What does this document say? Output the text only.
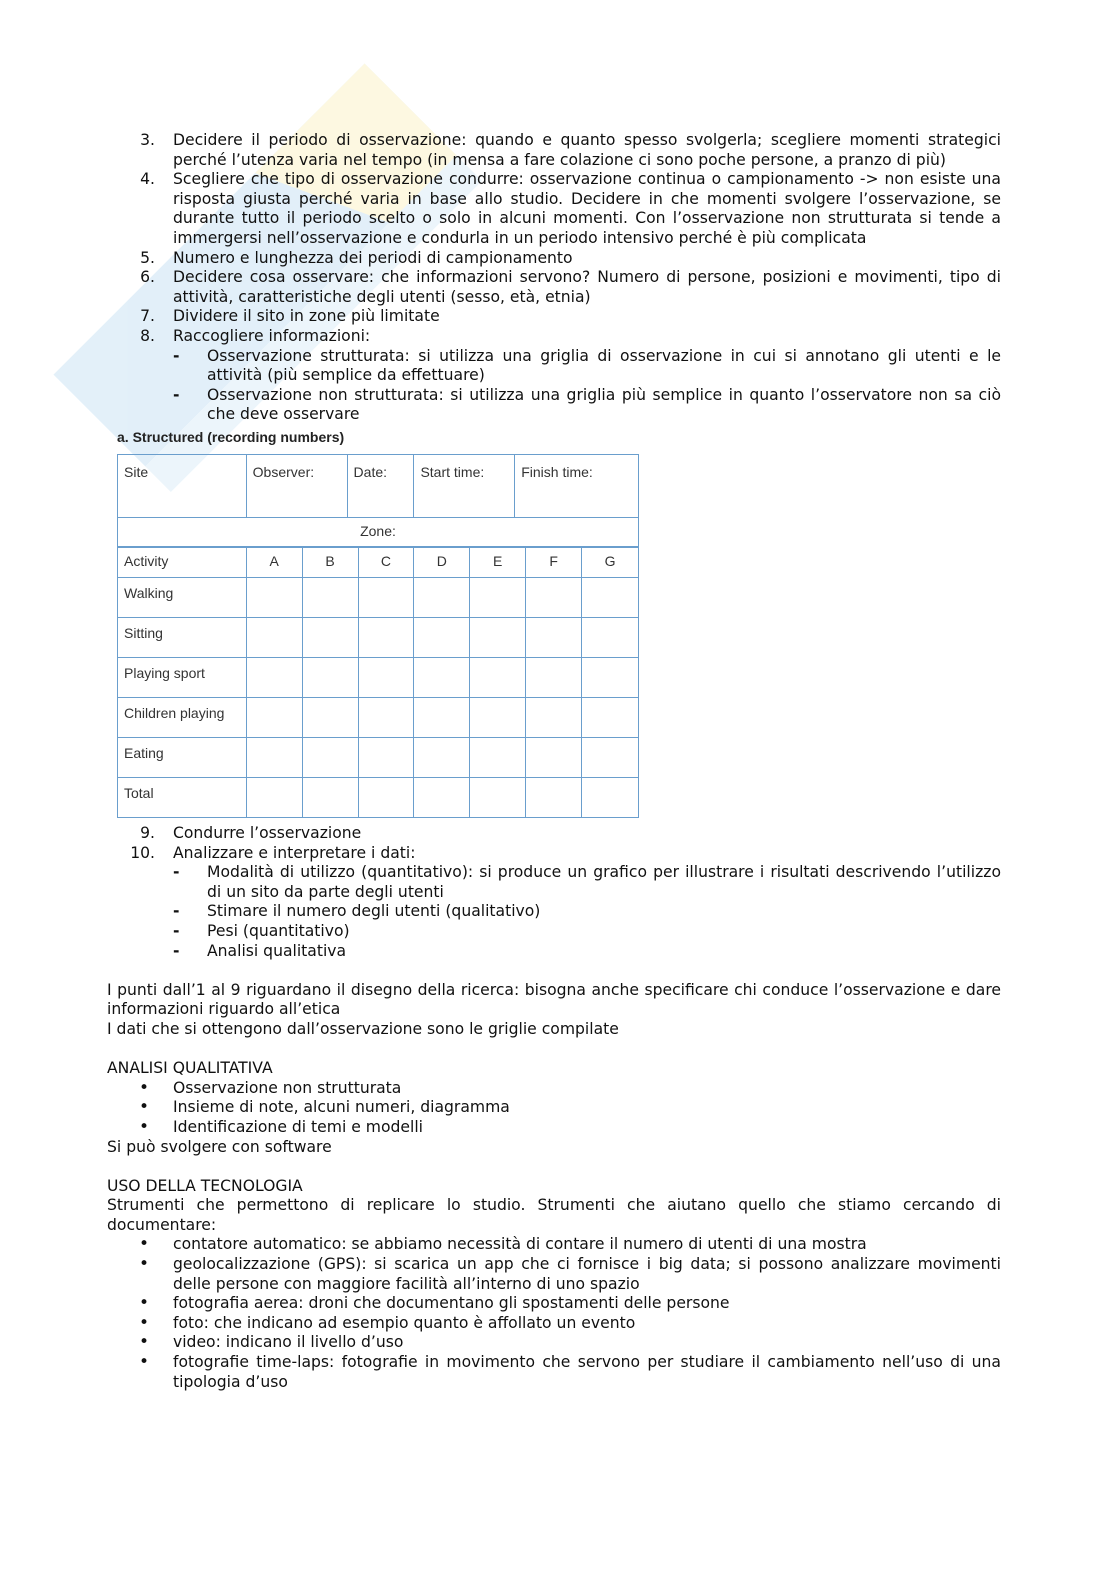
3. Decidere il periodo di osservazione: quando e quanto spesso svolgerla; scegliere momenti strategici perché l’utenza varia nel tempo (in mensa a fare colazione ci sono poche persone, a pranzo di più)

4. Scegliere che tipo di osservazione condurre: osservazione continua o campionamento -> non esiste una risposta giusta perché varia in base allo studio. Decidere in che momenti svolgere l’osservazione, se durante tutto il periodo scelto o solo in alcuni momenti. Con l’osservazione non strutturata si tende a immergersi nell’osservazione e condurla in un periodo intensivo perché è più complicata

5. Numero e lunghezza dei periodi di campionamento

6. Decidere cosa osservare: che informazioni servono? Numero di persone, posizioni e movimenti, tipo di attività, caratteristiche degli utenti (sesso, età, etnia)

7. Dividere il sito in zone più limitate

8. Raccogliere informazioni:

- Osservazione strutturata: si utilizza una griglia di osservazione in cui si annotano gli utenti e le attività (più semplice da effettuare)

- Osservazione non strutturata: si utilizza una griglia più semplice in quanto l’osservatore non sa ciò che deve osservare

a. Structured (recording numbers)
Site	Observer:	Date:	Start time:	Finish time:
Zone:
Activity	A	B	C	D	E	F	G
Walking							
Sitting							
Playing sport							
Children playing							
Eating							
Total							
9. Condurre l’osservazione

10. Analizzare e interpretare i dati:

- Modalità di utilizzo (quantitativo): si produce un grafico per illustrare i risultati descrivendo l’utilizzo di un sito da parte degli utenti

- Stimare il numero degli utenti (qualitativo)

- Pesi (quantitativo)

- Analisi qualitativa

I punti dall’1 al 9 riguardano il disegno della ricerca: bisogna anche specificare chi conduce l’osservazione e dare informazioni riguardo all’etica

I dati che si ottengono dall’osservazione sono le griglie compilate

ANALISI QUALITATIVA

• Osservazione non strutturata
• Insieme di note, alcuni numeri, diagramma
• Identificazione di temi e modelli

Si può svolgere con software

USO DELLA TECNOLOGIA

Strumenti che permettono di replicare lo studio. Strumenti che aiutano quello che stiamo cercando di documentare:

• contatore automatico: se abbiamo necessità di contare il numero di utenti di una mostra

• geolocalizzazione (GPS): si scarica un app che ci fornisce i big data; si possono analizzare movimenti delle persone con maggiore facilità all’interno di uno spazio

• fotografia aerea: droni che documentano gli spostamenti delle persone

• foto: che indicano ad esempio quanto è affollato un evento

• video: indicano il livello d’uso

• fotografie time-laps: fotografie in movimento che servono per studiare il cambiamento nell’uso di una tipologia d’uso
